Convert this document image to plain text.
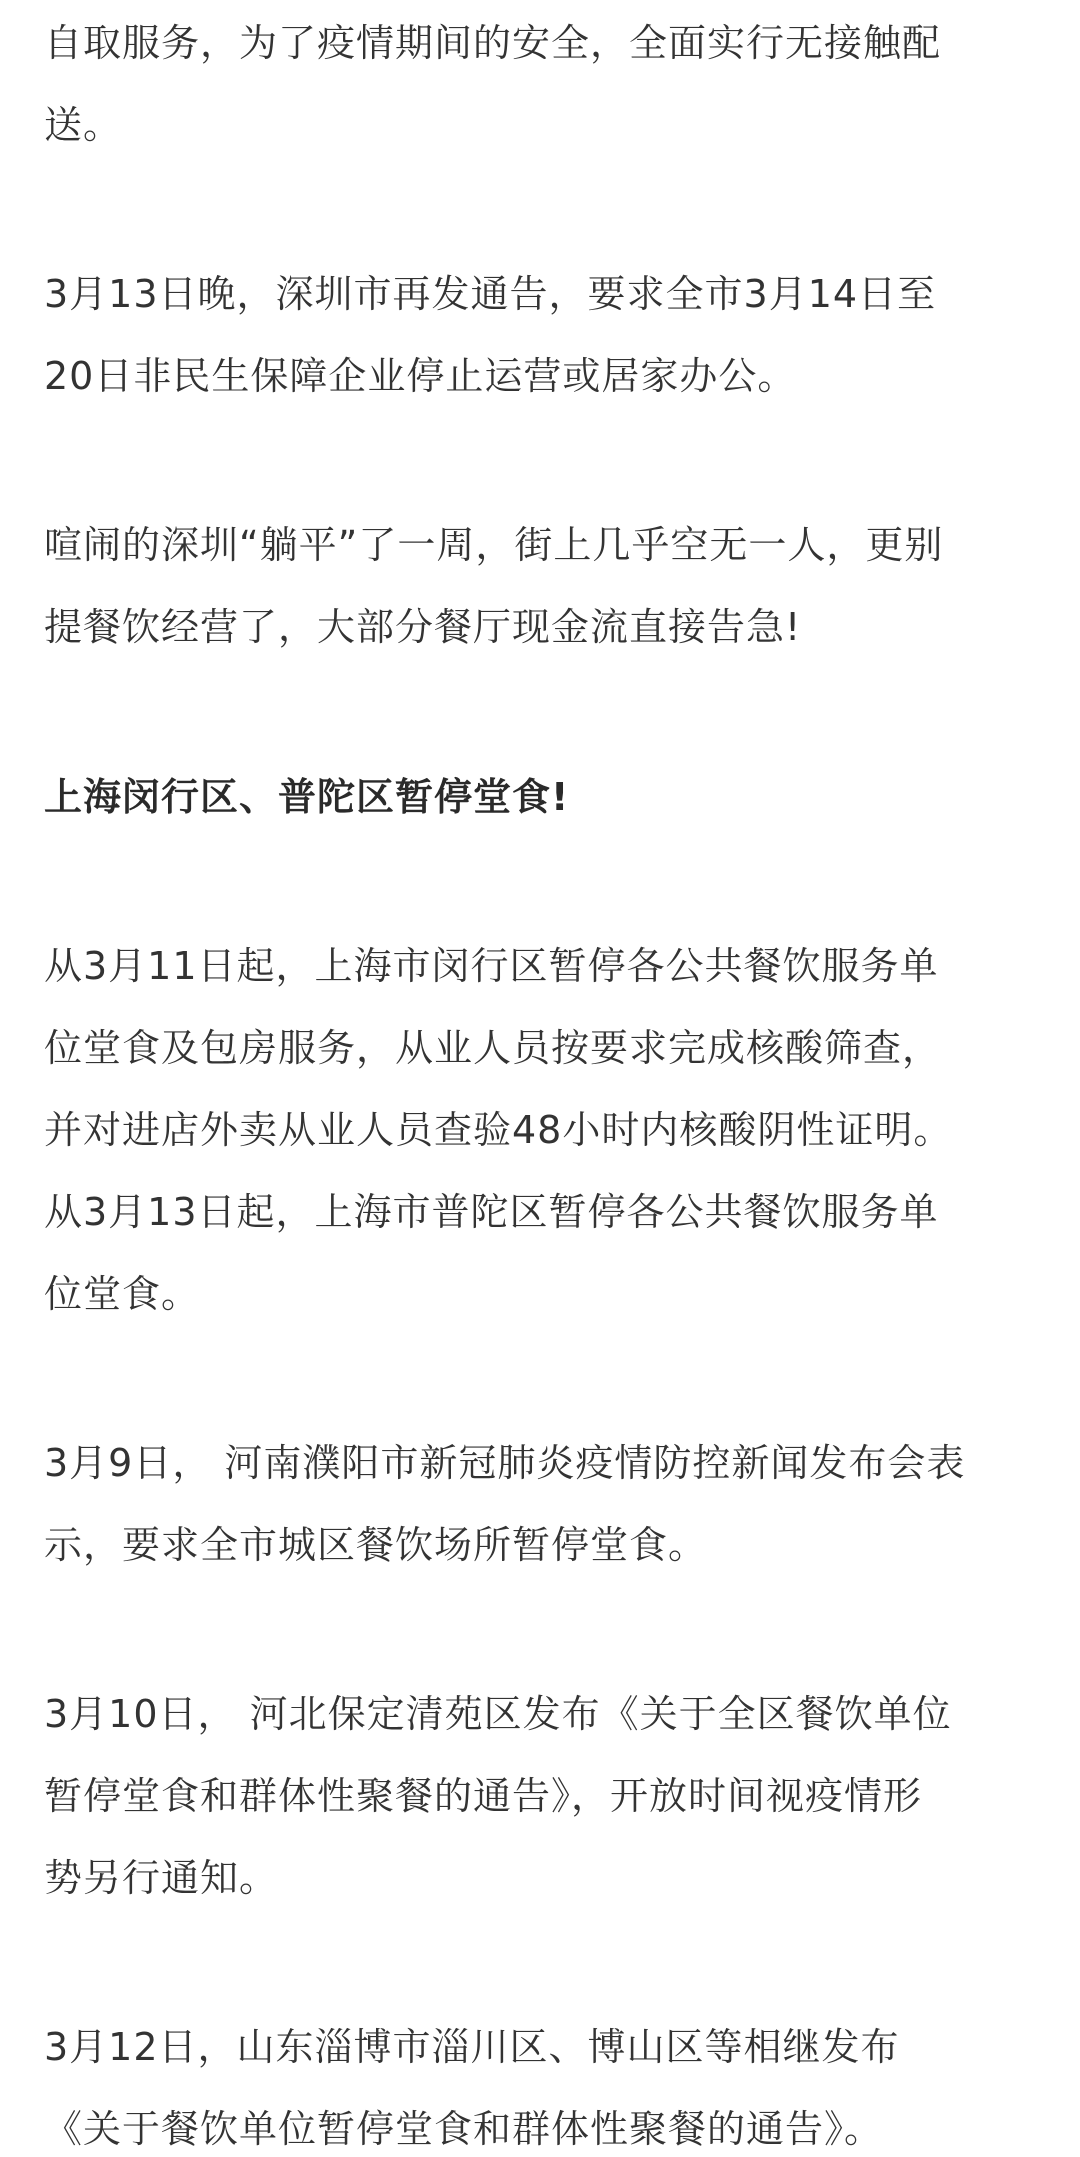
自取服务，为了疫情期间的安全，全面实行无接触配
送。
3月13日晚，深圳市再发通告，要求全市3月14日至
20日非民生保障企业停止运营或居家办公。
喧闹的深圳“躺平”了一周，街上几乎空无一人，更别
提餐饮经营了，大部分餐厅现金流直接告急!
上海闵行区、普陀区暂停堂食!
从3月11日起，上海市闵行区暂停各公共餐饮服务单
位堂食及包房服务，从业人员按要求完成核酸筛查，
并对进店外卖从业人员查验48小时内核酸阴性证明。
从3月13日起，上海市普陀区暂停各公共餐饮服务单
位堂食。
3月9日， 河南濮阳市新冠肺炎疫情防控新闻发布会表
示，要求全市城区餐饮场所暂停堂食。
3月10日， 河北保定清苑区发布《关于全区餐饮单位
暂停堂食和群体性聚餐的通告》，开放时间视疫情形
势另行通知。
3月12日，山东淄博市淄川区、博山区等相继发布
《关于餐饮单位暂停堂食和群体性聚餐的通告》。
